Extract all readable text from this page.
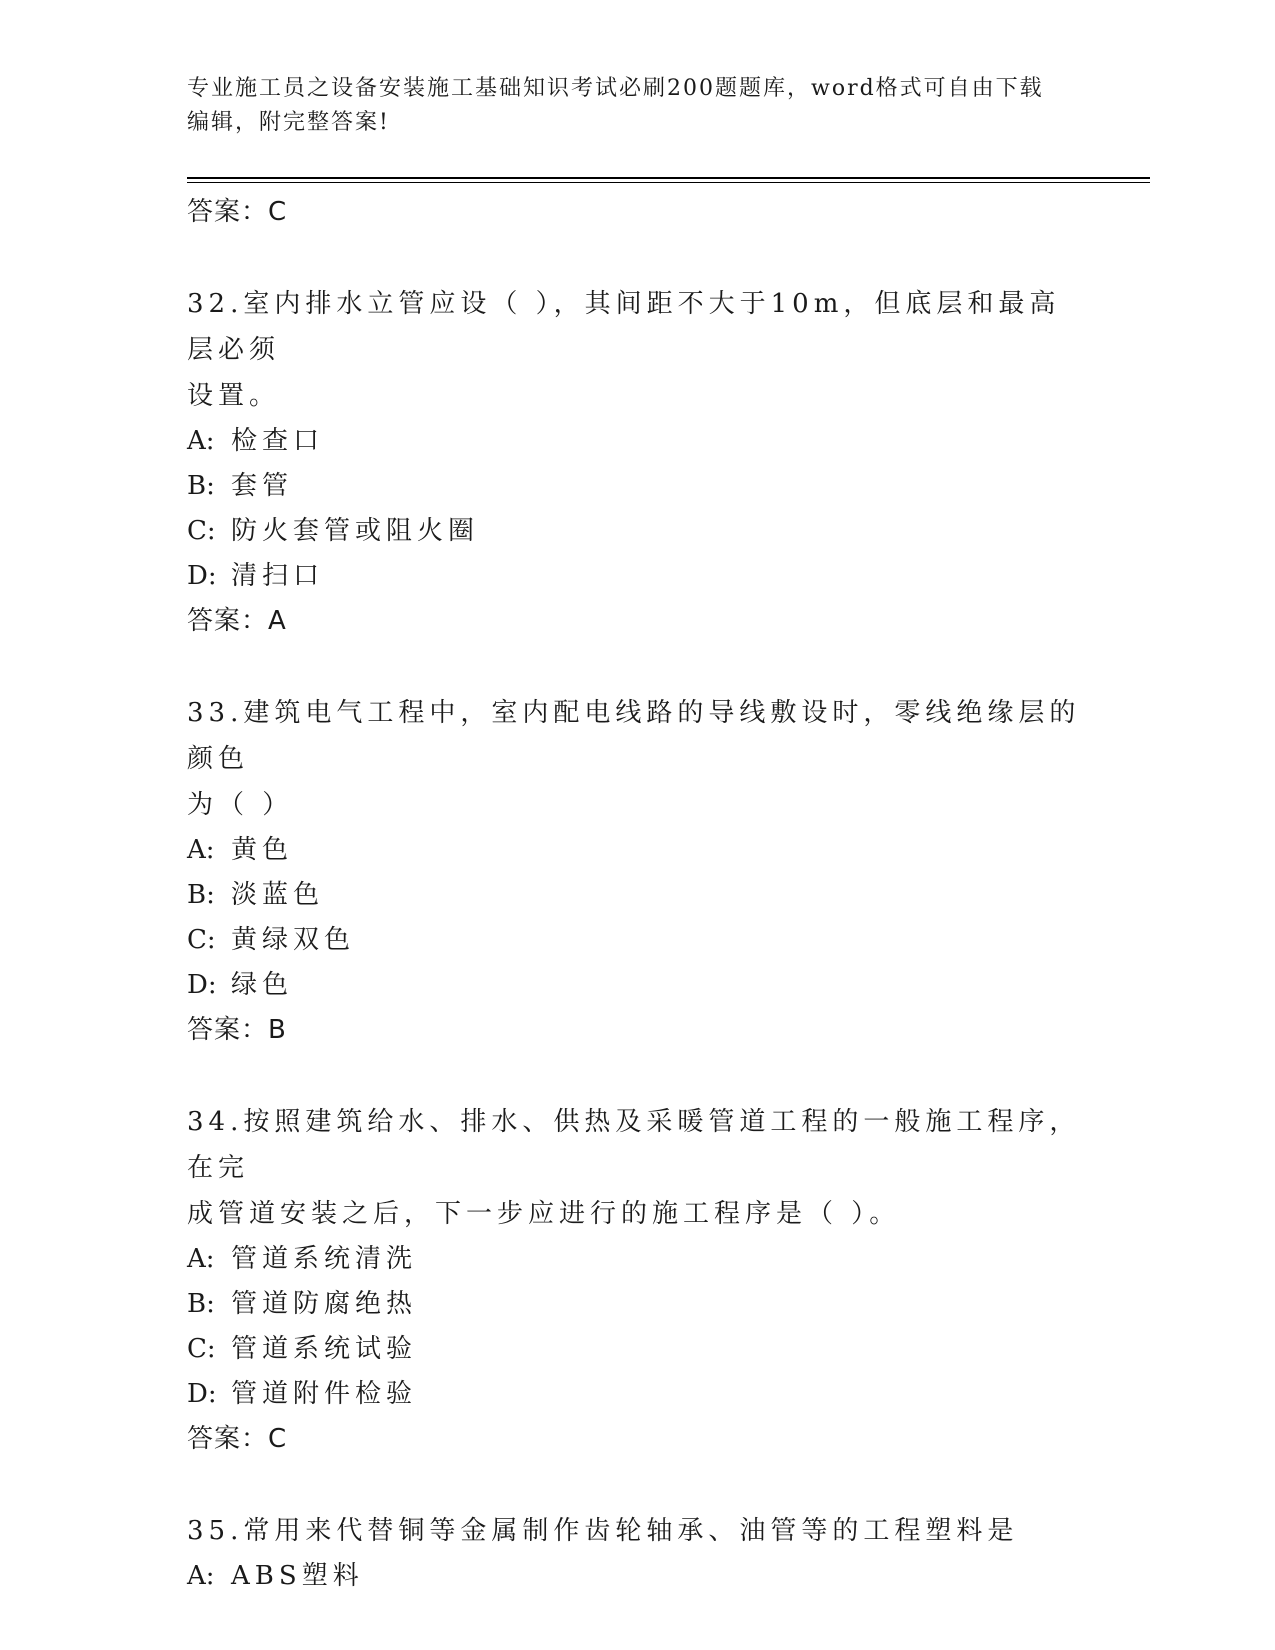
专业施工员之设备安装施工基础知识考试必刷200题题库，word格式可自由下载
编辑，附完整答案!
答案：C
32.室内排水立管应设（ ），其间距不大于10m，但底层和最高层必须
设置。
A: 检查口
B: 套管
C: 防火套管或阻火圈
D: 清扫口
答案：A
33.建筑电气工程中，室内配电线路的导线敷设时，零线绝缘层的颜色
为（ ）
A: 黄色
B: 淡蓝色
C: 黄绿双色
D: 绿色
答案：B
34.按照建筑给水、排水、供热及采暖管道工程的一般施工程序，在完
成管道安装之后，下一步应进行的施工程序是（ ）。
A: 管道系统清洗
B: 管道防腐绝热
C: 管道系统试验
D: 管道附件检验
答案：C
35.常用来代替铜等金属制作齿轮轴承、油管等的工程塑料是
A: ABS塑料
